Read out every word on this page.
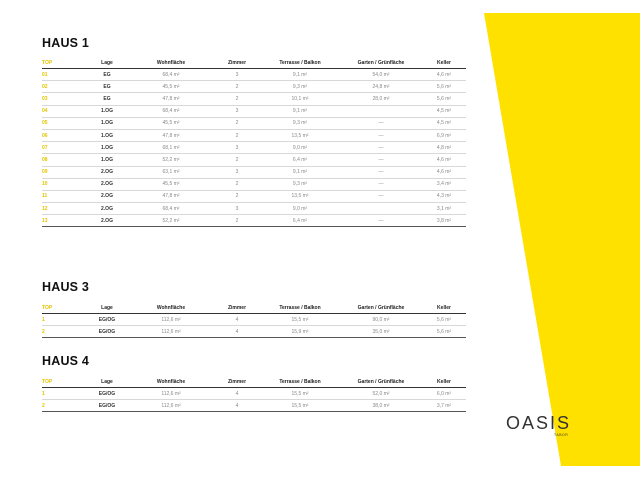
HAUS 1
TOP	Lage	Wohnfläche	Zimmer	Terrasse / Balkon	Garten / Grünfläche	Keller
01	EG	68,4 m²	3	9,1 m²	54,0 m²	4,6 m²
02	EG	45,5 m²	2	9,3 m²	24,8 m²	5,6 m²
03	EG	47,8 m²	2	10,1 m²	28,0 m²	5,6 m²
04	1.OG	68,4 m²	3	9,1 m²		4,5 m²
05	1.OG	45,5 m²	2	9,3 m²	—	4,5 m²
06	1.OG	47,8 m²	2	13,5 m²	—	6,9 m²
07	1.OG	68,1 m²	3	9,0 m²	—	4,8 m²
08	1.OG	52,2 m²	2	6,4 m²	—	4,6 m²
09	2.OG	63,1 m²	3	9,1 m²	—	4,6 m²
10	2.OG	45,5 m²	2	9,3 m²	—	3,4 m²
11	2.OG	47,8 m²	2	13,5 m²	—	4,3 m²
12	2.OG	68,4 m²	3	9,0 m²		3,1 m²
13	2.OG	52,2 m²	2	6,4 m²	—	3,8 m²
HAUS 3
TOP	Lage	Wohnfläche	Zimmer	Terrasse / Balkon	Garten / Grünfläche	Keller
1	EG/OG	112,6 m²	4	15,5 m²	90,0 m²	5,6 m²
2	EG/OG	112,6 m²	4	15,9 m²	35,0 m²	5,6 m²
HAUS 4
TOP	Lage	Wohnfläche	Zimmer	Terrasse / Balkon	Garten / Grünfläche	Keller
1	EG/OG	112,6 m²	4	15,5 m²	52,0 m²	6,0 m²
2	EG/OG	112,6 m²	4	15,5 m²	38,0 m²	3,7 m²
OASIS
TABOR
